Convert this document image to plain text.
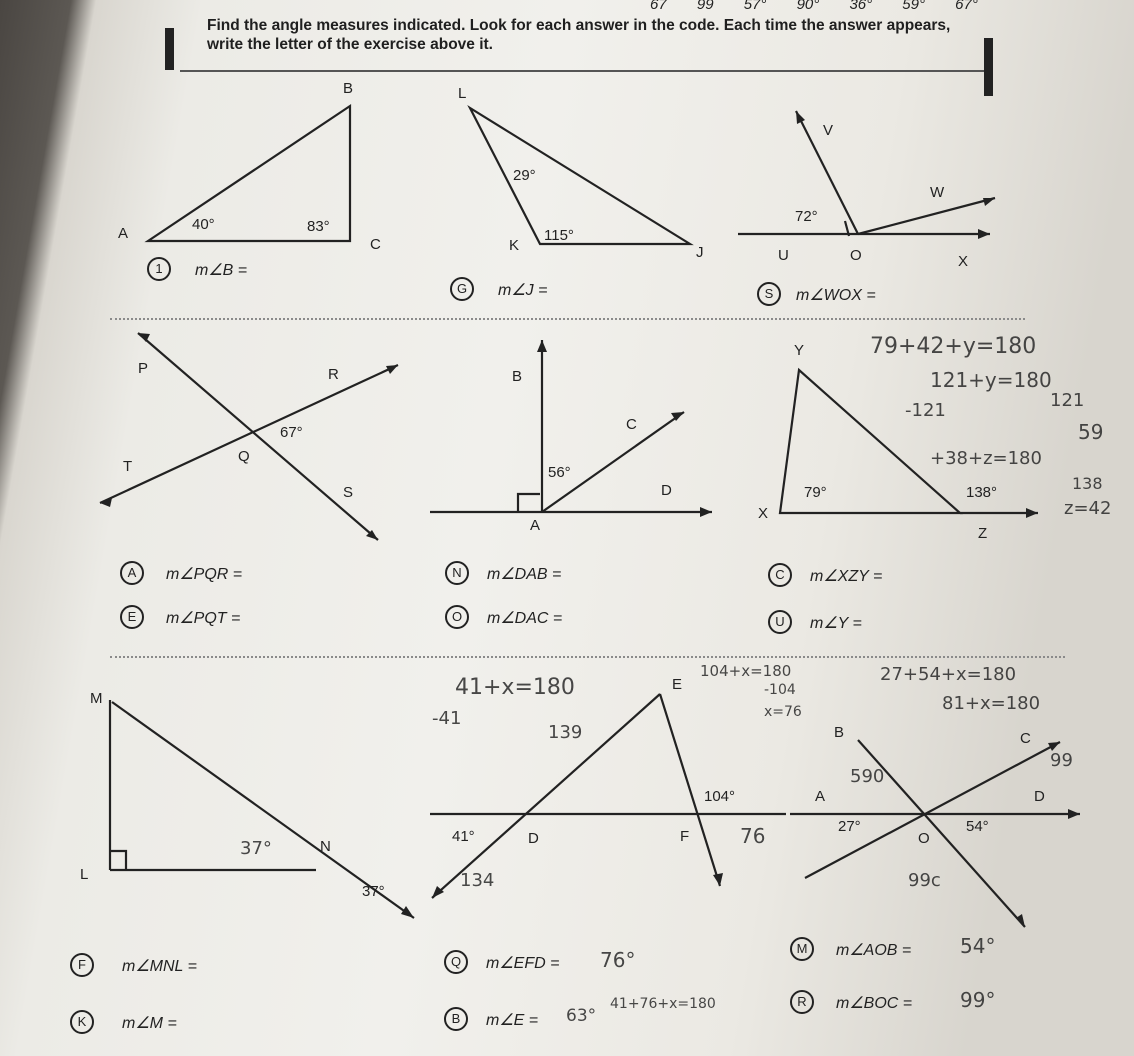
67 99 57° 90° 36° 59° 67°
Find the angle measures indicated. Look for each answer in the code. Each time the answer appears, write the letter of the exercise above it.
B
A
C
40°	83°
L
K	J
29°
115°
V
W
U	O	X
72°
P	R
T
Q
S
67°
B
C
D
A
56°
Y
X
Z
79°	138°
M
N
L
37°
E
D	F
41°
104°
B	C
A	D
O
27°	54°
1	m∠B =
G	m∠J =	S	m∠WOX =
A	m∠PQR =	N	m∠DAB =	C	m∠XZY =
E	m∠PQT =	O	m∠DAC =	U	m∠Y =
F	m∠MNL =	Q	m∠EFD =
M	m∠AOB =
K	m∠M =	B	m∠E =
R	m∠BOC =
79+42+y=180
121+y=180
-121	121
59
+38+z=180
138
z=42
41+x=180
-41
139
104+x=180
-104
x=76
27+54+x=180
81+x=180
99
590
99c
76
134
37°
76°
63°
54°
99°
41+76+x=180
